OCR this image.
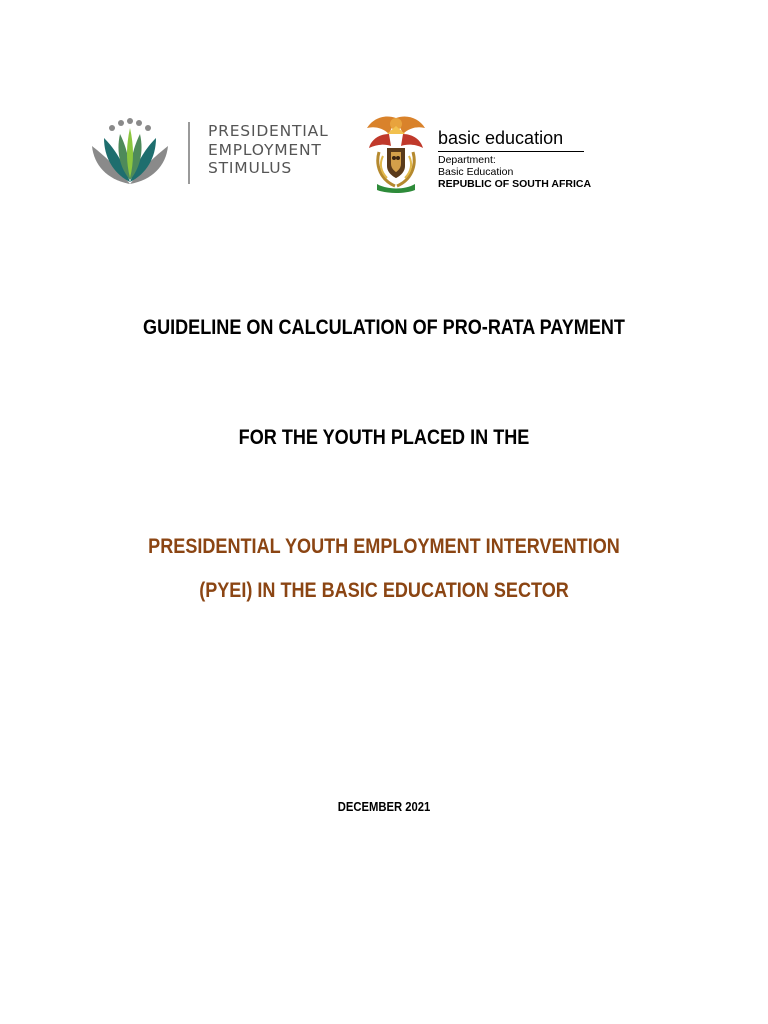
PRESIDENTIAL
EMPLOYMENT
STIMULUS
basic education
Department:
Basic Education
REPUBLIC OF SOUTH AFRICA
GUIDELINE ON CALCULATION OF PRO-RATA PAYMENT
FOR THE YOUTH PLACED IN THE
PRESIDENTIAL YOUTH EMPLOYMENT INTERVENTION
(PYEI) IN THE BASIC EDUCATION SECTOR
DECEMBER 2021
